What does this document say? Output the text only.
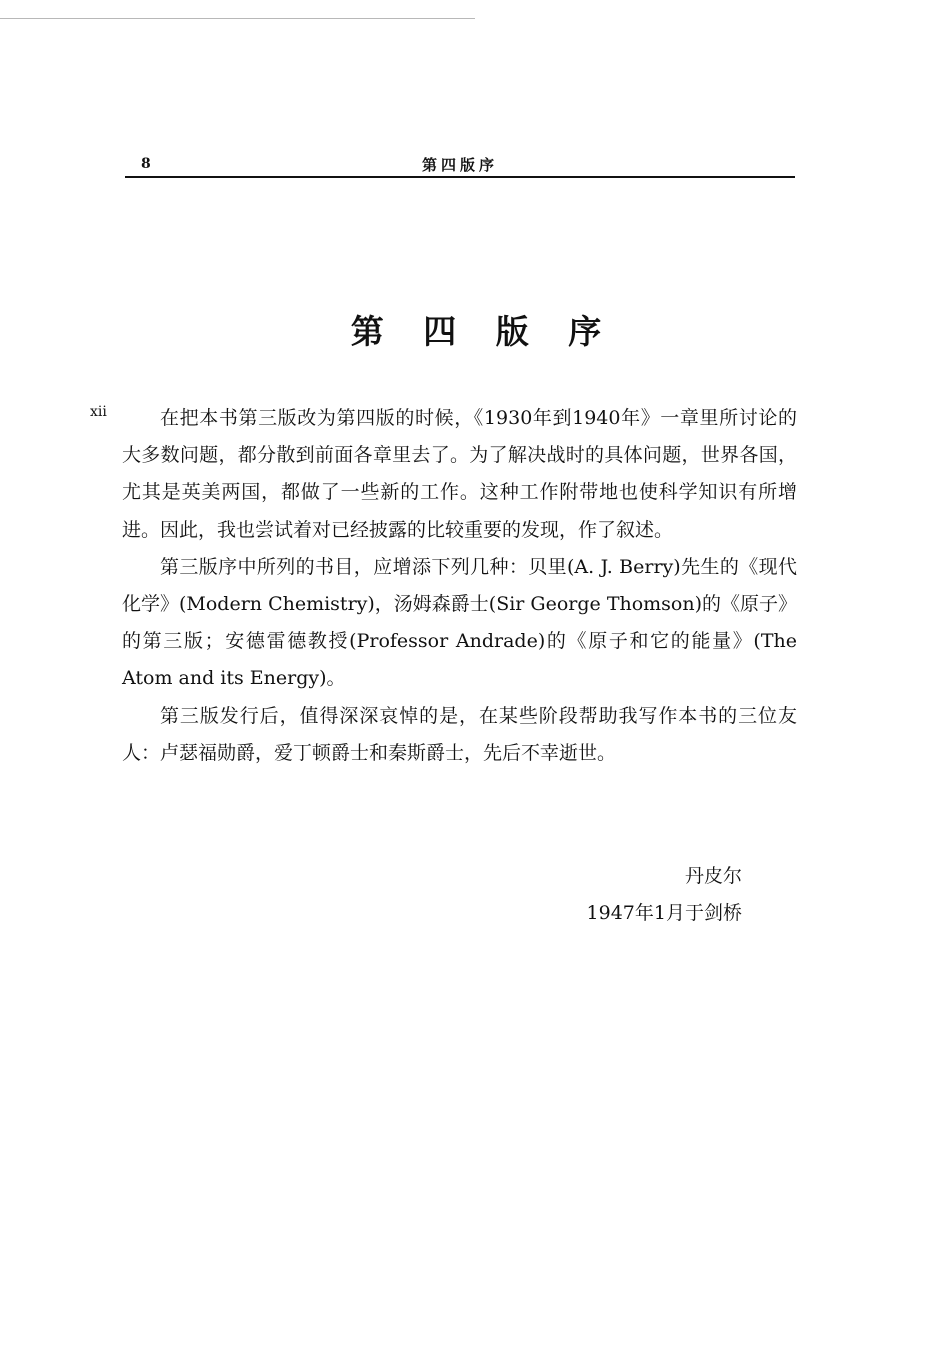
8	第四版序
第 四 版 序
xii	在把本书第三版改为第四版的时候，《1930年到1940年》一章里所讨论的大多数问题，都分散到前面各章里去了。为了解决战时的具体问题，世界各国，尤其是英美两国，都做了一些新的工作。这种工作附带地也使科学知识有所增进。因此，我也尝试着对已经披露的比较重要的发现，作了叙述。

第三版序中所列的书目，应增添下列几种：贝里(A. J. Berry)先生的《现代化学》(Modern Chemistry)，汤姆森爵士(Sir George Thomson)的《原子》的第三版；安德雷德教授(Professor Andrade)的《原子和它的能量》(The Atom and its Energy)。

第三版发行后，值得深深哀悼的是，在某些阶段帮助我写作本书的三位友人：卢瑟福勋爵，爱丁顿爵士和秦斯爵士，先后不幸逝世。

丹皮尔
1947年1月于剑桥
